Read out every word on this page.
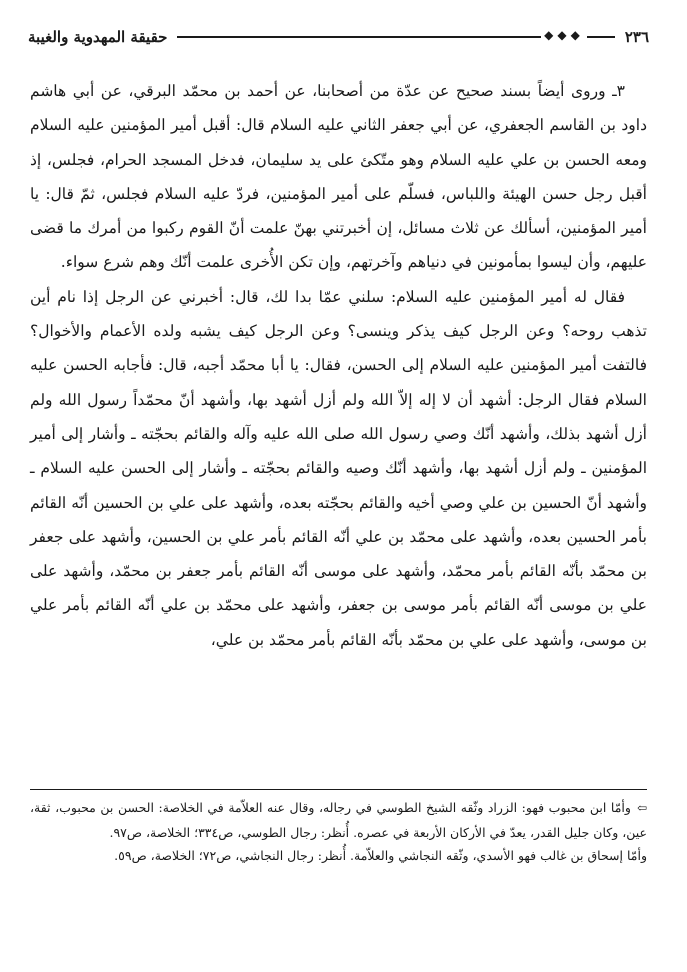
٢٣٦
◆◆◆
حقيقة المهدوية والغيبة

٣ـ وروى أيضاً بسند صحيح عن عدّة من أصحابنا، عن أحمد بن محمّد البرقي، عن أبي هاشم داود بن القاسم الجعفري، عن أبي جعفر الثاني عليه السلام قال: أقبل أمير المؤمنين عليه السلام ومعه الحسن بن علي عليه السلام وهو متّكئ على يد سليمان، فدخل المسجد الحرام، فجلس، إذ أقبل رجل حسن الهيئة واللباس، فسلّم على أمير المؤمنين، فردّ عليه السلام فجلس، ثمّ قال: يا أمير المؤمنين، أسألك عن ثلاث مسائل، إن أخبرتني بهنّ علمت أنّ القوم ركبوا من أمرك ما قضى عليهم، وأن ليسوا بمأمونين في دنياهم وآخرتهم، وإن تكن الأُخرى علمت أنّك وهم شرع سواء.

فقال له أمير المؤمنين عليه السلام: سلني عمّا بدا لك، قال: أخبرني عن الرجل إذا نام أين تذهب روحه؟ وعن الرجل كيف يذكر وينسى؟ وعن الرجل كيف يشبه ولده الأعمام والأخوال؟ فالتفت أمير المؤمنين عليه السلام إلى الحسن، فقال: يا أبا محمّد أجبه، قال: فأجابه الحسن عليه السلام فقال الرجل: أشهد أن لا إله إلاّ الله ولم أزل أشهد بها، وأشهد أنّ محمّداً رسول الله ولم أزل أشهد بذلك، وأشهد أنّك وصي رسول الله صلى الله عليه وآله والقائم بحجّته ـ وأشار إلى أمير المؤمنين ـ ولم أزل أشهد بها، وأشهد أنّك وصيه والقائم بحجّته ـ وأشار إلى الحسن عليه السلام ـ وأشهد أنّ الحسين بن علي وصي أخيه والقائم بحجّته بعده، وأشهد على علي بن الحسين أنّه القائم بأمر الحسين بعده، وأشهد على محمّد بن علي أنّه القائم بأمر علي بن الحسين، وأشهد على جعفر بن محمّد بأنّه القائم بأمر محمّد، وأشهد على موسى أنّه القائم بأمر جعفر بن محمّد، وأشهد على علي بن موسى أنّه القائم بأمر موسى بن جعفر، وأشهد على محمّد بن علي أنّه القائم بأمر علي بن موسى، وأشهد على علي بن محمّد بأنّه القائم بأمر محمّد بن علي،

⇦وأمّا ابن محبوب فهو: الزراد وثّقه الشيخ الطوسي في رجاله، وقال عنه العلاّمة في الخلاصة: الحسن بن محبوب، ثقة، عين، وكان جليل القدر، يعدّ في الأركان الأربعة في عصره. أُنظر: رجال الطوسي، ص٣٣٤؛ الخلاصة، ص٩٧.

وأمّا إسحاق بن غالب فهو الأسدي، وثّقه النجاشي والعلاّمة. أُنظر: رجال النجاشي، ص٧٢؛ الخلاصة، ص٥٩.
